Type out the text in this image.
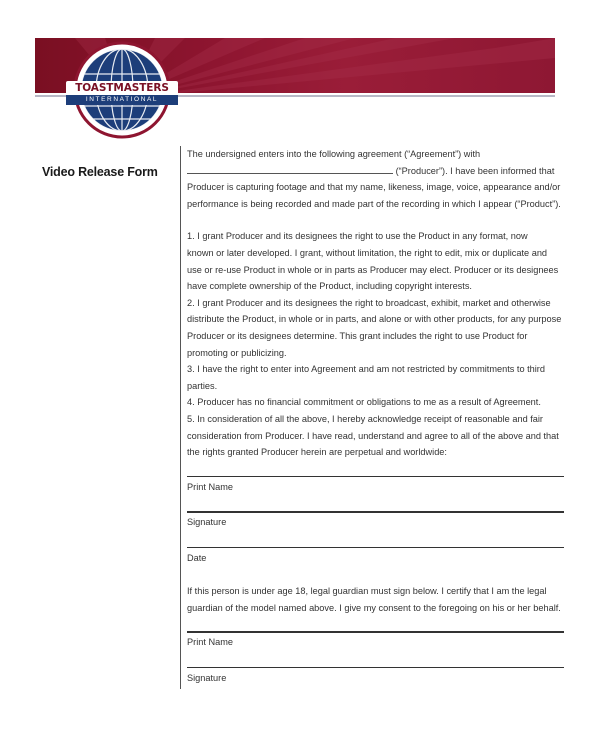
TOASTMASTERS
INTERNATIONAL
Video Release Form

The undersigned enters into the following agreement (“Agreement”) with

(“Producer”). I have been informed that

Producer is capturing footage and that my name, likeness, image, voice, appearance and/or

performance is being recorded and made part of the recording in which I appear (“Product”).

1. I grant Producer and its designees the right to use the Product in any format, now

known or later developed. I grant, without limitation, the right to edit, mix or duplicate and

use or re-use Product in whole or in parts as Producer may elect. Producer or its designees

have complete ownership of the Product, including copyright interests.

2. I grant Producer and its designees the right to broadcast, exhibit, market and otherwise

distribute the Product, in whole or in parts, and alone or with other products, for any purpose

Producer or its designees determine. This grant includes the right to use Product for

promoting or publicizing.

3. I have the right to enter into Agreement and am not restricted by commitments to third

parties.

4. Producer has no financial commitment or obligations to me as a result of Agreement.

5. In consideration of all the above, I hereby acknowledge receipt of reasonable and fair

consideration from Producer. I have read, understand and agree to all of the above and that

the rights granted Producer herein are perpetual and worldwide:

Print Name
Signature
Date

If this person is under age 18, legal guardian must sign below. I certify that I am the legal

guardian of the model named above. I give my consent to the foregoing on his or her behalf.

Print Name
Signature
